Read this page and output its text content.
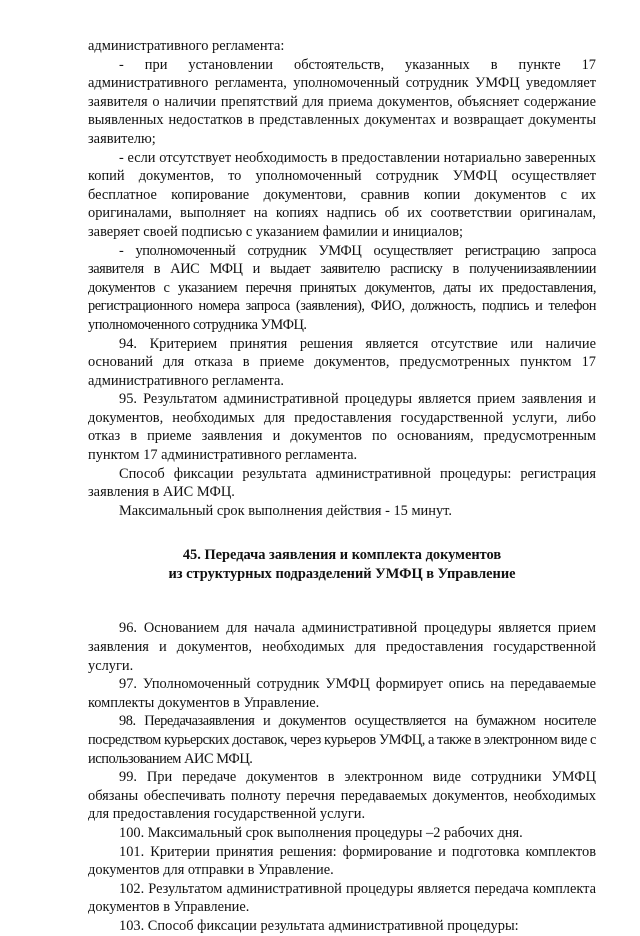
административного регламента:

- при установлении обстоятельств, указанных в пункте 17 административного регламента, уполномоченный сотрудник УМФЦ уведомляет заявителя о наличии препятствий для приема документов, объясняет содержание выявленных недостатков в представленных документах и возвращает документы заявителю;

- если отсутствует необходимость в предоставлении нотариально заверенных копий документов, то уполномоченный сотрудник УМФЦ осуществляет бесплатное копирование документови, сравнив копии документов с их оригиналами, выполняет на копиях надпись об их соответствии оригиналам, заверяет своей подписью с указанием фамилии и инициалов;

- уполномоченный сотрудник УМФЦ осуществляет регистрацию запроса заявителя в АИС МФЦ и выдает заявителю расписку в получениизаявлениии документов с указанием перечня принятых документов, даты их предоставления, регистрационного номера запроса (заявления), ФИО, должность, подпись и телефон уполномоченного сотрудника УМФЦ.

94. Критерием принятия решения является отсутствие или наличие оснований для отказа в приеме документов, предусмотренных пунктом 17 административного регламента.

95. Результатом административной процедуры является прием заявления и документов, необходимых для предоставления государственной услуги, либо отказ в приеме заявления и документов по основаниям, предусмотренным пунктом 17 административного регламента.

Способ фиксации результата административной процедуры: регистрация заявления в АИС МФЦ.

Максимальный срок выполнения действия - 15 минут.

45. Передача заявления и комплекта документов
из структурных подразделений УМФЦ в Управление

96. Основанием для начала административной процедуры является прием заявления и документов, необходимых для предоставления государственной услуги.

97. Уполномоченный сотрудник УМФЦ формирует опись на передаваемые комплекты документов в Управление.

98. Передачазаявления и документов осуществляется на бумажном носителе посредством курьерских доставок, через курьеров УМФЦ, а также в электронном виде с использованием АИС МФЦ.

99. При передаче документов в электронном виде сотрудники УМФЦ обязаны обеспечивать полноту перечня передаваемых документов, необходимых для предоставления государственной услуги.

100. Максимальный срок выполнения процедуры –2 рабочих дня.

101. Критерии принятия решения: формирование и подготовка комплектов документов для отправки в Управление.

102. Результатом административной процедуры является передача комплекта документов в Управление.

103. Способ фиксации результата административной процедуры:
